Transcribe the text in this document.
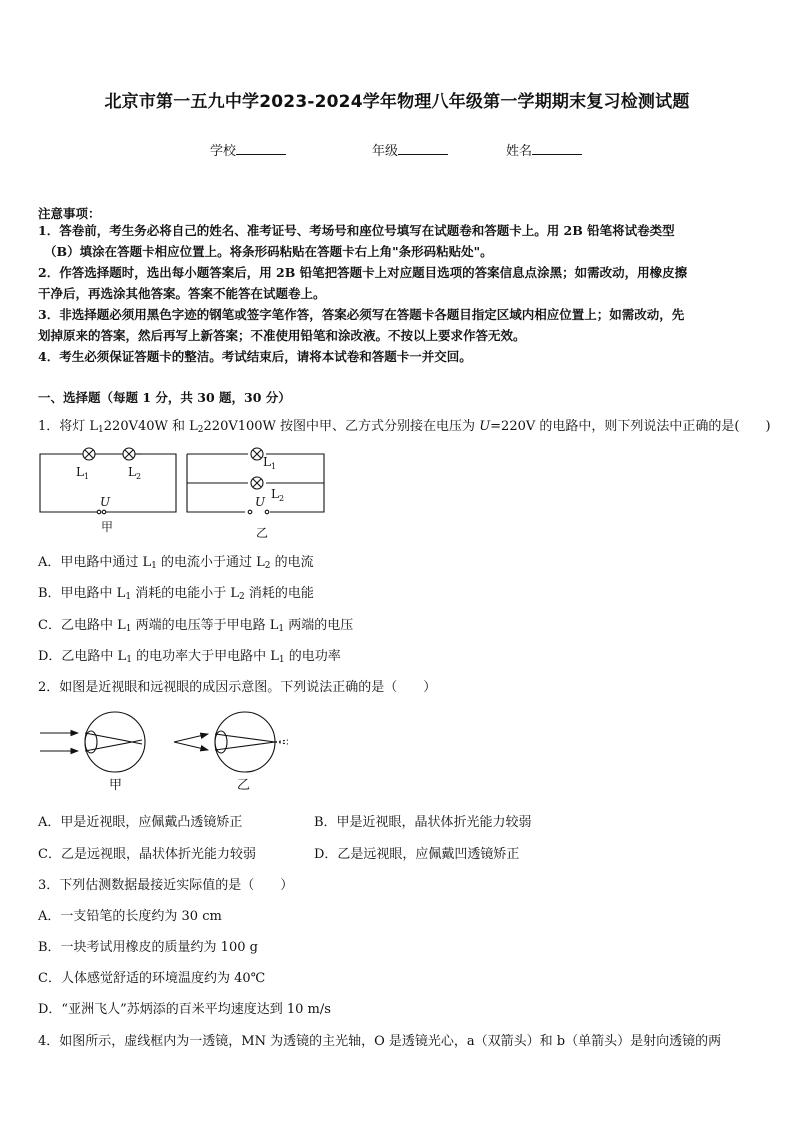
北京市第一五九中学2023-2024学年物理八年级第一学期期末复习检测试题
学校	年级	姓名
注意事项：
1．答卷前，考生务必将自己的姓名、准考证号、考场号和座位号填写在试题卷和答题卡上。用 2B 铅笔将试卷类型
（B）填涂在答题卡相应位置上。将条形码粘贴在答题卡右上角"条形码粘贴处"。
2．作答选择题时，选出每小题答案后，用 2B 铅笔把答题卡上对应题目选项的答案信息点涂黑；如需改动，用橡皮擦
干净后，再选涂其他答案。答案不能答在试题卷上。
3．非选择题必须用黑色字迹的钢笔或签字笔作答，答案必须写在答题卡各题目指定区域内相应位置上；如需改动，先
划掉原来的答案，然后再写上新答案；不准使用铅笔和涂改液。不按以上要求作答无效。
4．考生必须保证答题卡的整洁。考试结束后，请将本试卷和答题卡一并交回。
一、选择题（每题 1 分，共 30 题，30 分）
1．将灯 $L_1220V40W$ 和 $L_2220V100W$ 按图中甲、乙方式分别接在电压为 U=220V 的电路中，则下列说法中正确的是(　　)
$L_1$	$L_2$
U
甲
$L_1$
$L_2$
U
乙
A．甲电路中通过 $L_1$ 的电流小于通过 $L_2$ 的电流
B．甲电路中 $L_1$ 消耗的电能小于 $L_2$ 消耗的电能
C．乙电路中 $L_1$ 两端的电压等于甲电路 $L_1$ 两端的电压
D．乙电路中 $L_1$ 的电功率大于甲电路中 $L_1$ 的电功率
2．如图是近视眼和远视眼的成因示意图。下列说法正确的是（　　）
甲	乙
A．甲是近视眼，应佩戴凸透镜矫正	B．甲是近视眼，晶状体折光能力较弱
C．乙是远视眼，晶状体折光能力较弱	D．乙是远视眼，应佩戴凹透镜矫正
3．下列估测数据最接近实际值的是（　　）
A．一支铅笔的长度约为 30 cm
B．一块考试用橡皮的质量约为 100 g
C．人体感觉舒适的环境温度约为 40℃
D．“亚洲飞人”苏炳添的百米平均速度达到 10 m/s
4．如图所示，虚线框内为一透镜，MN 为透镜的主光轴，O 是透镜光心，a（双箭头）和 b（单箭头）是射向透镜的两
